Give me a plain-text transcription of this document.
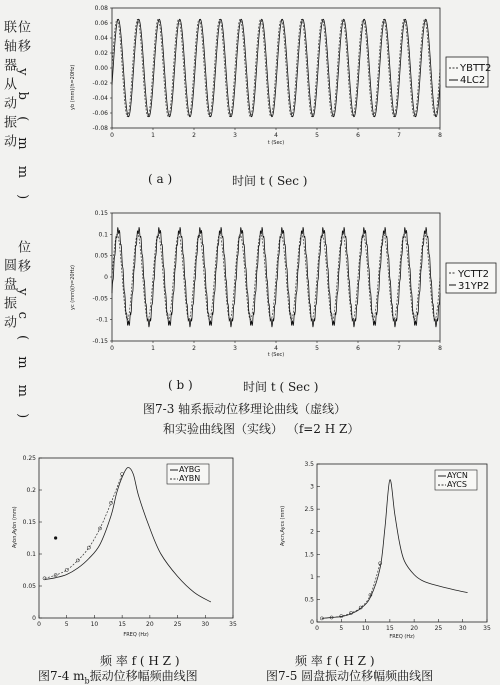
联轴器从动振动 位移 y b ( m m )	yb (mm)(h=20Hz)
0.08
0.06
0.04
0.02
0.00
-0.02
-0.04
-0.06
-0.08
0	1	2	3	4	5	6	7	8
t (Sec)
YBTT2
4LC2
( a )	时间 t ( Sec )
圆盘振动 位移 y c ( m m )	yc (mm)(h=20Hz)
0.15
0.1
0.05
0
-0.05
-0.1
-0.15
0	1	2	3	4	5	6	7	8
t (Sec)
YCTT2
31YP2
( b )	时间 t ( Sec )
图7-3 轴系振动位移理论曲线（虚线）
和实验曲线图（实线） （f=2 H Z）
Aybn,Aybn (mm)
0
0.05
0.1
0.15
0.2
0.25
0	5	10	15	20	25	30	35
FREQ (Hz)
AYBG
AYBN
频 率 f ( H Z )
图7-4 $m_b$振动位移幅频曲线图
Aycn,Aycs (mm)
0
0.5
1
1.5
2
2.5
3
3.5
0	5	10	15	20	25	30	35
FREQ (Hz)
AYCN
AYCS
频 率 f ( H Z )
图7-5 圆盘振动位移幅频曲线图
